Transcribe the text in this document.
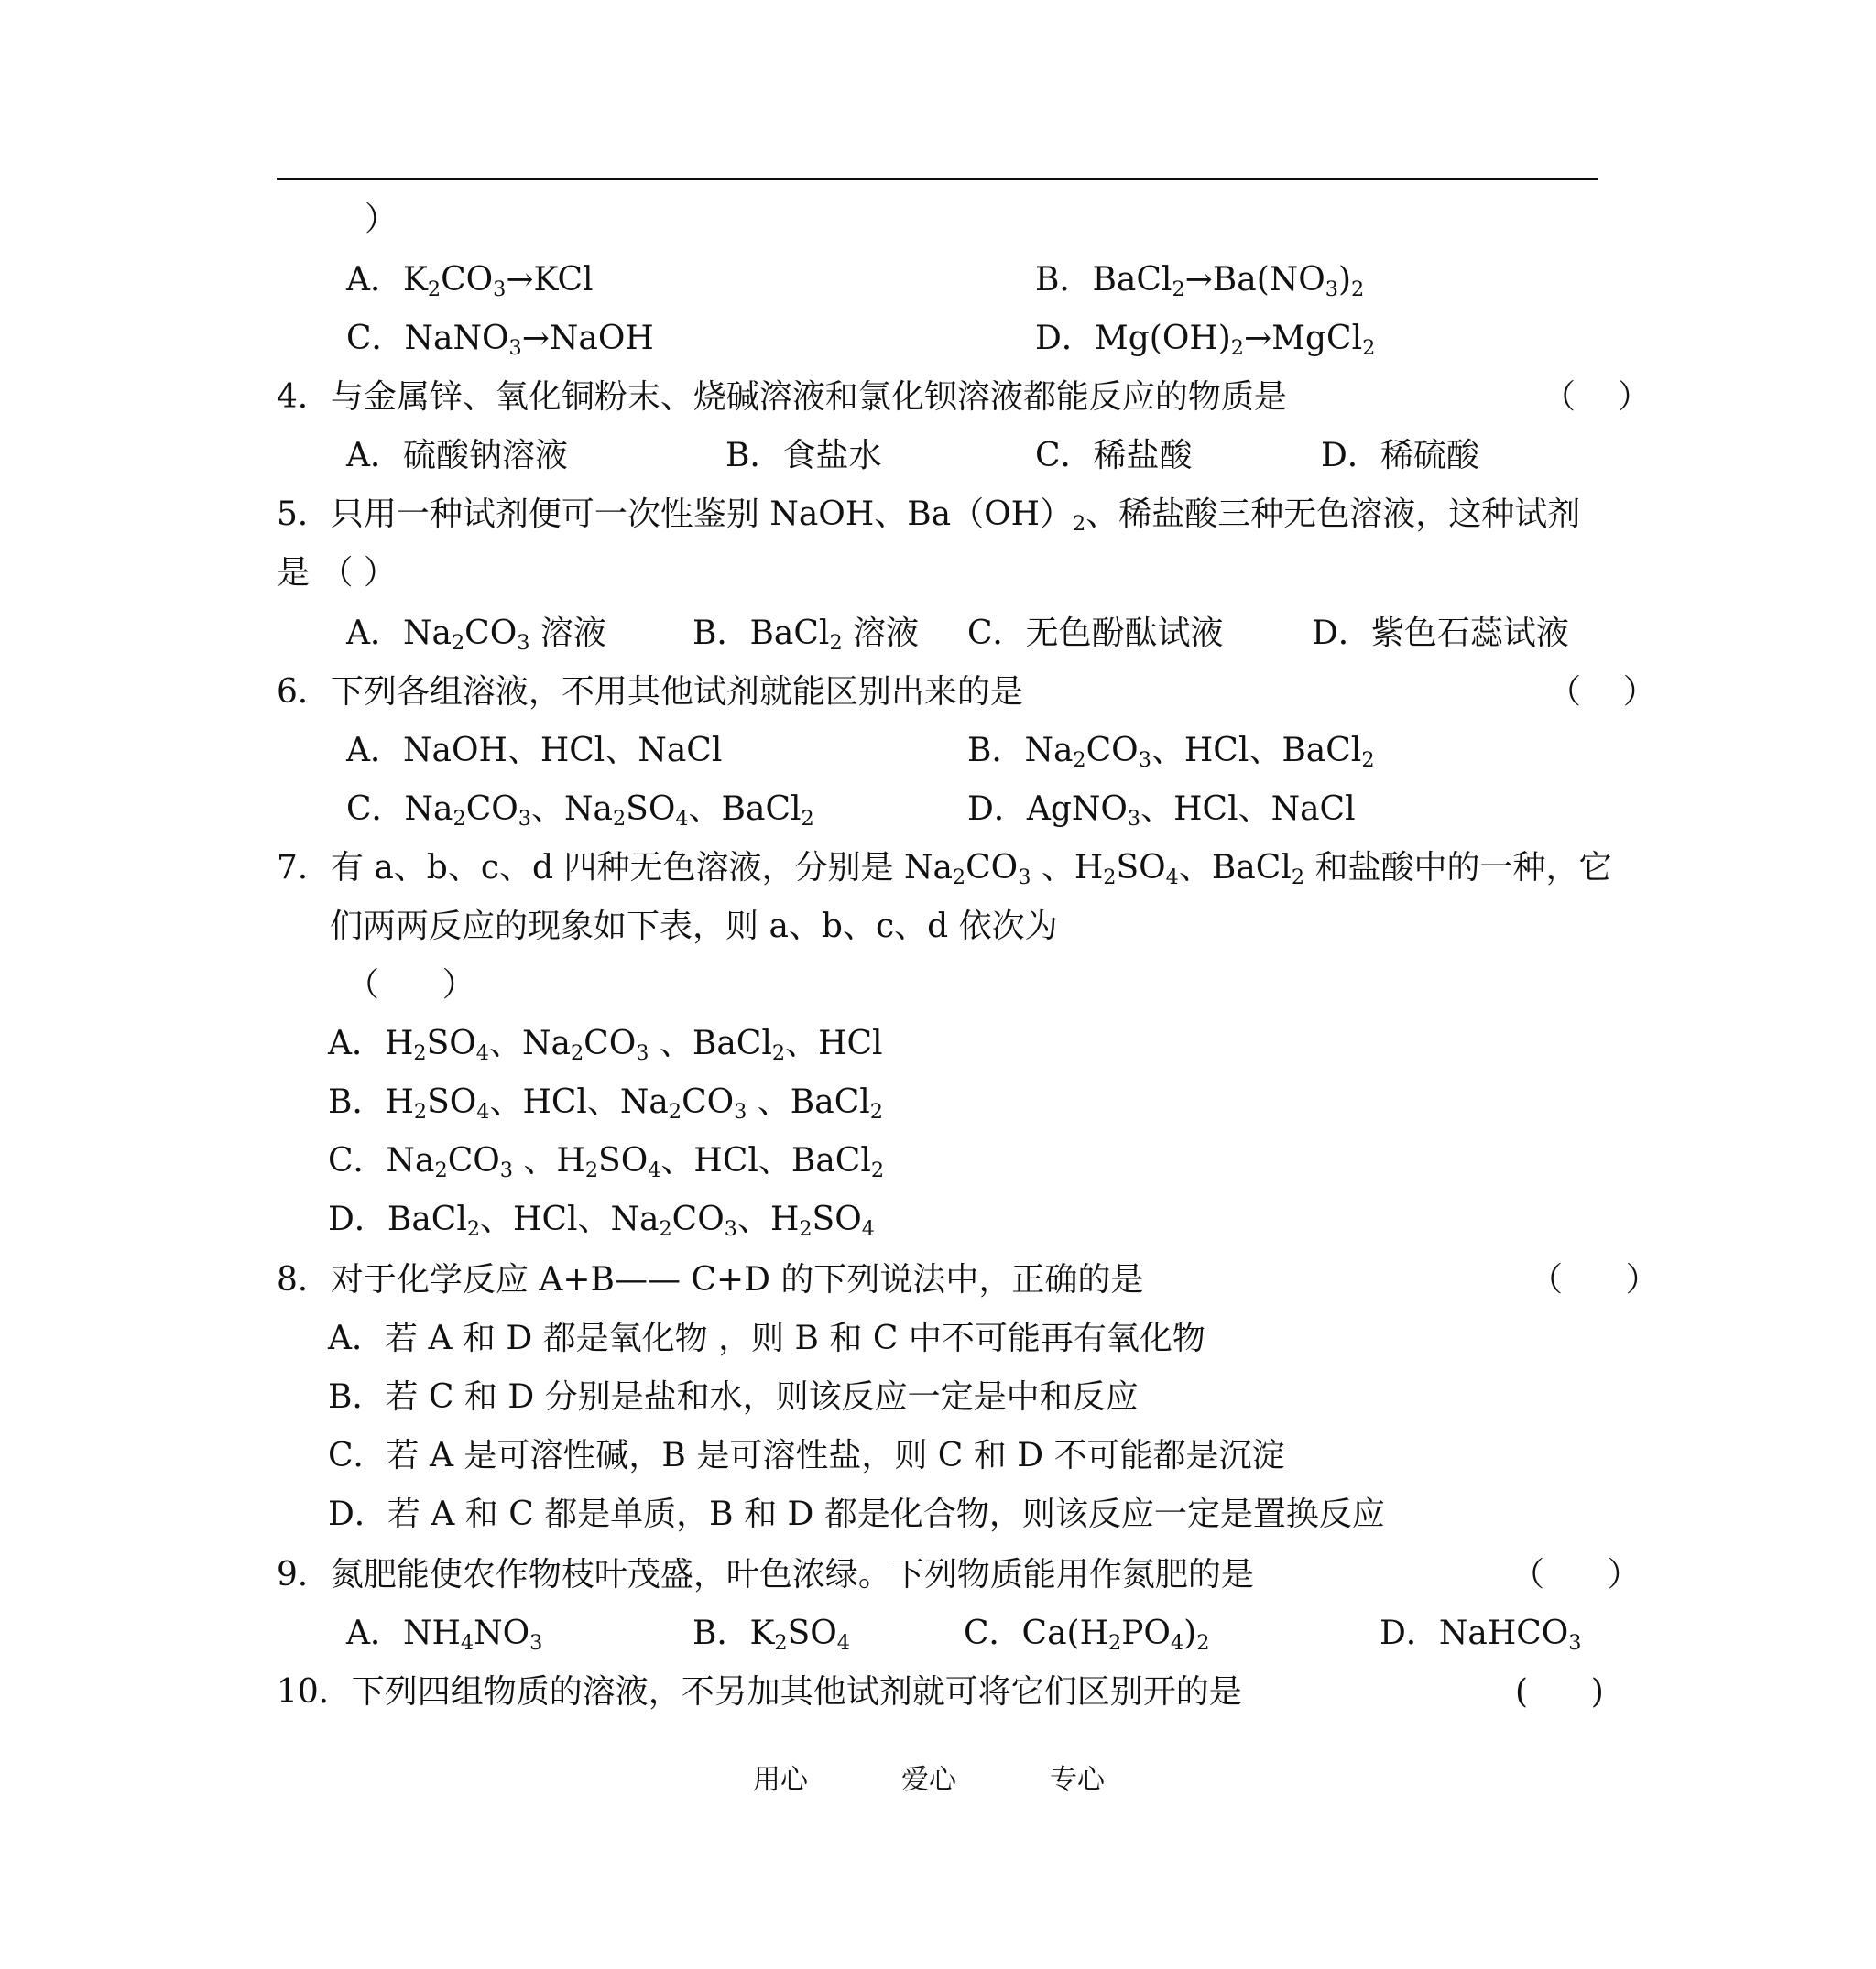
）
A．$K_2CO_3\to KCl$	B．$BaCl_2\to Ba(NO_3)_2$
C．NaNO$_3$→NaOH	D．$Mg(OH)_2\to MgCl_2$
4．与金属锌、氧化铜粉末、烧碱溶液和氯化钡溶液都能反应的物质是	（    ）
A．硫酸钠溶液	B．食盐水	C．稀盐酸	D．稀硫酸
5．只用一种试剂便可一次性鉴别 NaOH、$Ba(OH)_2$、稀盐酸三种无色溶液，这种试剂
是 （ ）
A．$Na_2CO_3$ 溶液	B．BaCl$_2$ 溶液 C．无色酚酞试液	D．紫色石蕊试液
6．下列各组溶液，不用其他试剂就能区别出来的是	（    ）
A．NaOH、HCl、NaCl	B．$Na_2CO_3$、HCl、BaCl$_2$
C．$Na_2CO_3$、$Na_2SO_4$、BaCl$_2$	D．AgNO$_3$、HCl、NaCl
7．有 a、b、c、d 四种无色溶液，分别是 $Na_2CO_3$ 、$H_2SO_4$、BaCl$_2$ 和盐酸中的一种，它
们两两反应的现象如下表，则 a、b、c、d 依次为
（      ）
A．$H_2SO_4$、$Na_2CO_3$ 、BaCl$_2$、HCl
B．$H_2SO_4$、HCl、$Na_2CO_3$ 、BaCl$_2$
C．$Na_2CO_3$ 、$H_2SO_4$、HCl、BaCl$_2$
D．BaCl$_2$、HCl、$Na_2CO_3$、$H_2SO_4$
8．对于化学反应 A+B—— C+D 的下列说法中，正确的是	（      ）
A．若 A 和 D 都是氧化物 ，则 B 和 C 中不可能再有氧化物
B．若 C 和 D 分别是盐和水，则该反应一定是中和反应
C．若 A 是可溶性碱，B 是可溶性盐，则 C 和 D 不可能都是沉淀
D．若 A 和 C 都是单质，B 和 D 都是化合物，则该反应一定是置换反应
9．氮肥能使农作物枝叶茂盛，叶色浓绿。下列物质能用作氮肥的是	（      ）
A．$NH_4NO_3$	B．$K_2SO_4$	C．$Ca(H_2PO_4)_2$	D．NaHCO$_3$
10．下列四组物质的溶液，不另加其他试剂就可将它们区别开的是	(      )
用心	爱心	专心
